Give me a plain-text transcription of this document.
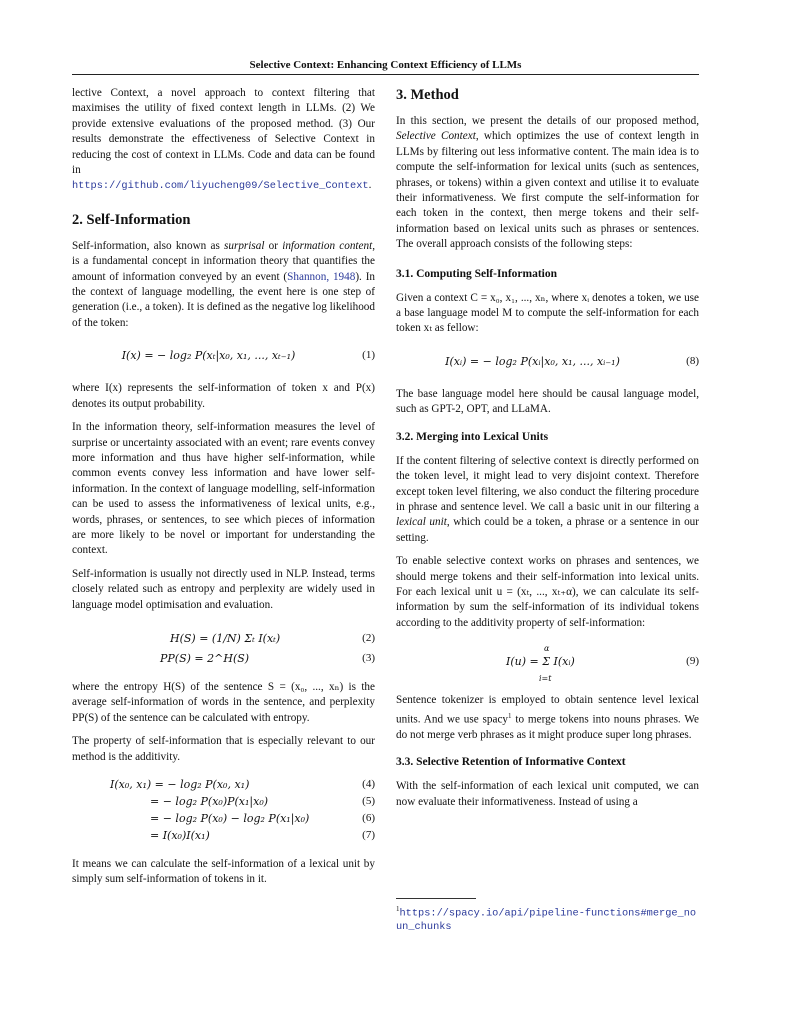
Selective Context: Enhancing Context Efficiency of LLMs

lective Context, a novel approach to context filtering that maximises the utility of fixed context length in LLMs. (2) We provide extensive evaluations of the proposed method. (3) Our results demonstrate the effectiveness of Selective Context in reducing the cost of context in LLMs. Code and data can be found in https://github.com/liyucheng09/Selective_Context.

2. Self-Information

Self-information, also known as surprisal or information content, is a fundamental concept in information theory that quantifies the amount of information conveyed by an event (Shannon, 1948). In the context of language modelling, the event here is one step of generation (i.e., a token). It is defined as the negative log likelihood of the token:

I(x) = − log₂ P(xₜ|x₀, x₁, ..., xₜ₋₁)	(1)

where I(x) represents the self-information of token x and P(x) denotes its output probability.

In the information theory, self-information measures the level of surprise or uncertainty associated with an event; rare events convey more information and thus have higher self-information, while common events convey less information and have lower self-information. In the context of language modelling, self-information can be used to assess the informativeness of lexical units, e.g., words, phrases, or sentences, to see which pieces of information are more likely to be novel or important for understanding the context.

Self-information is usually not directly used in NLP. Instead, terms closely related such as entropy and perplexity are widely used in language model optimisation and evaluation.

H(S) = (1/N) Σₜ I(xₜ)	(2)
PP(S) = 2^H(S)	(3)

where the entropy H(S) of the sentence S = (x₀, ..., xₙ) is the average self-information of words in the sentence, and perplexity PP(S) of the sentence can be calculated with entropy.

The property of self-information that is especially relevant to our method is the additivity.

I(x₀, x₁) = − log₂ P(x₀, x₁)	(4)
= − log₂ P(x₀)P(x₁|x₀)	(5)
= − log₂ P(x₀) − log₂ P(x₁|x₀)	(6)
= I(x₀)I(x₁)	(7)

It means we can calculate the self-information of a lexical unit by simply sum self-information of tokens in it.

3. Method

In this section, we present the details of our proposed method, Selective Context, which optimizes the use of context length in LLMs by filtering out less informative content. The main idea is to compute the self-information for lexical units (such as sentences, phrases, or tokens) within a given context and utilise it to evaluate their informativeness. We first compute the self-information for each token in the context, then merge tokens and their self-information based on lexical units such as phrases or sentences. The overall approach consists of the following steps:

3.1. Computing Self-Information

Given a context C = x₀, x₁, ..., xₙ, where xᵢ denotes a token, we use a base language model M to compute the self-information for each token xₜ as fellow:

I(xᵢ) = − log₂ P(xᵢ|x₀, x₁, ..., xᵢ₋₁)	(8)

The base language model here should be causal language model, such as GPT-2, OPT, and LLaMA.

3.2. Merging into Lexical Units

If the content filtering of selective context is directly performed on the token level, it might lead to very disjoint context. Therefore except token level filtering, we also conduct the filtering procedure in phrase and sentence level. We call a basic unit in our filtering a lexical unit, which could be a token, a phrase or a sentence in our setting.

To enable selective context works on phrases and sentences, we should merge tokens and their self-information into lexical units. For each lexical unit u = (xₜ, ..., xₜ₊α), we can calculate its self-information by sum the self-information of its individual tokens according to the additivity property of self-information:

α
I(u) = Σ I(xᵢ)
i=t
(9)

Sentence tokenizer is employed to obtain sentence level lexical units. And we use spacy$^1$ to merge tokens into nouns phrases. We do not merge verb phrases as it might produce super long phrases.

3.3. Selective Retention of Informative Context

With the self-information of each lexical unit computed, we can now evaluate their informativeness. Instead of using a

$^1$https://spacy.io/api/pipeline-functions#merge_noun_chunks
